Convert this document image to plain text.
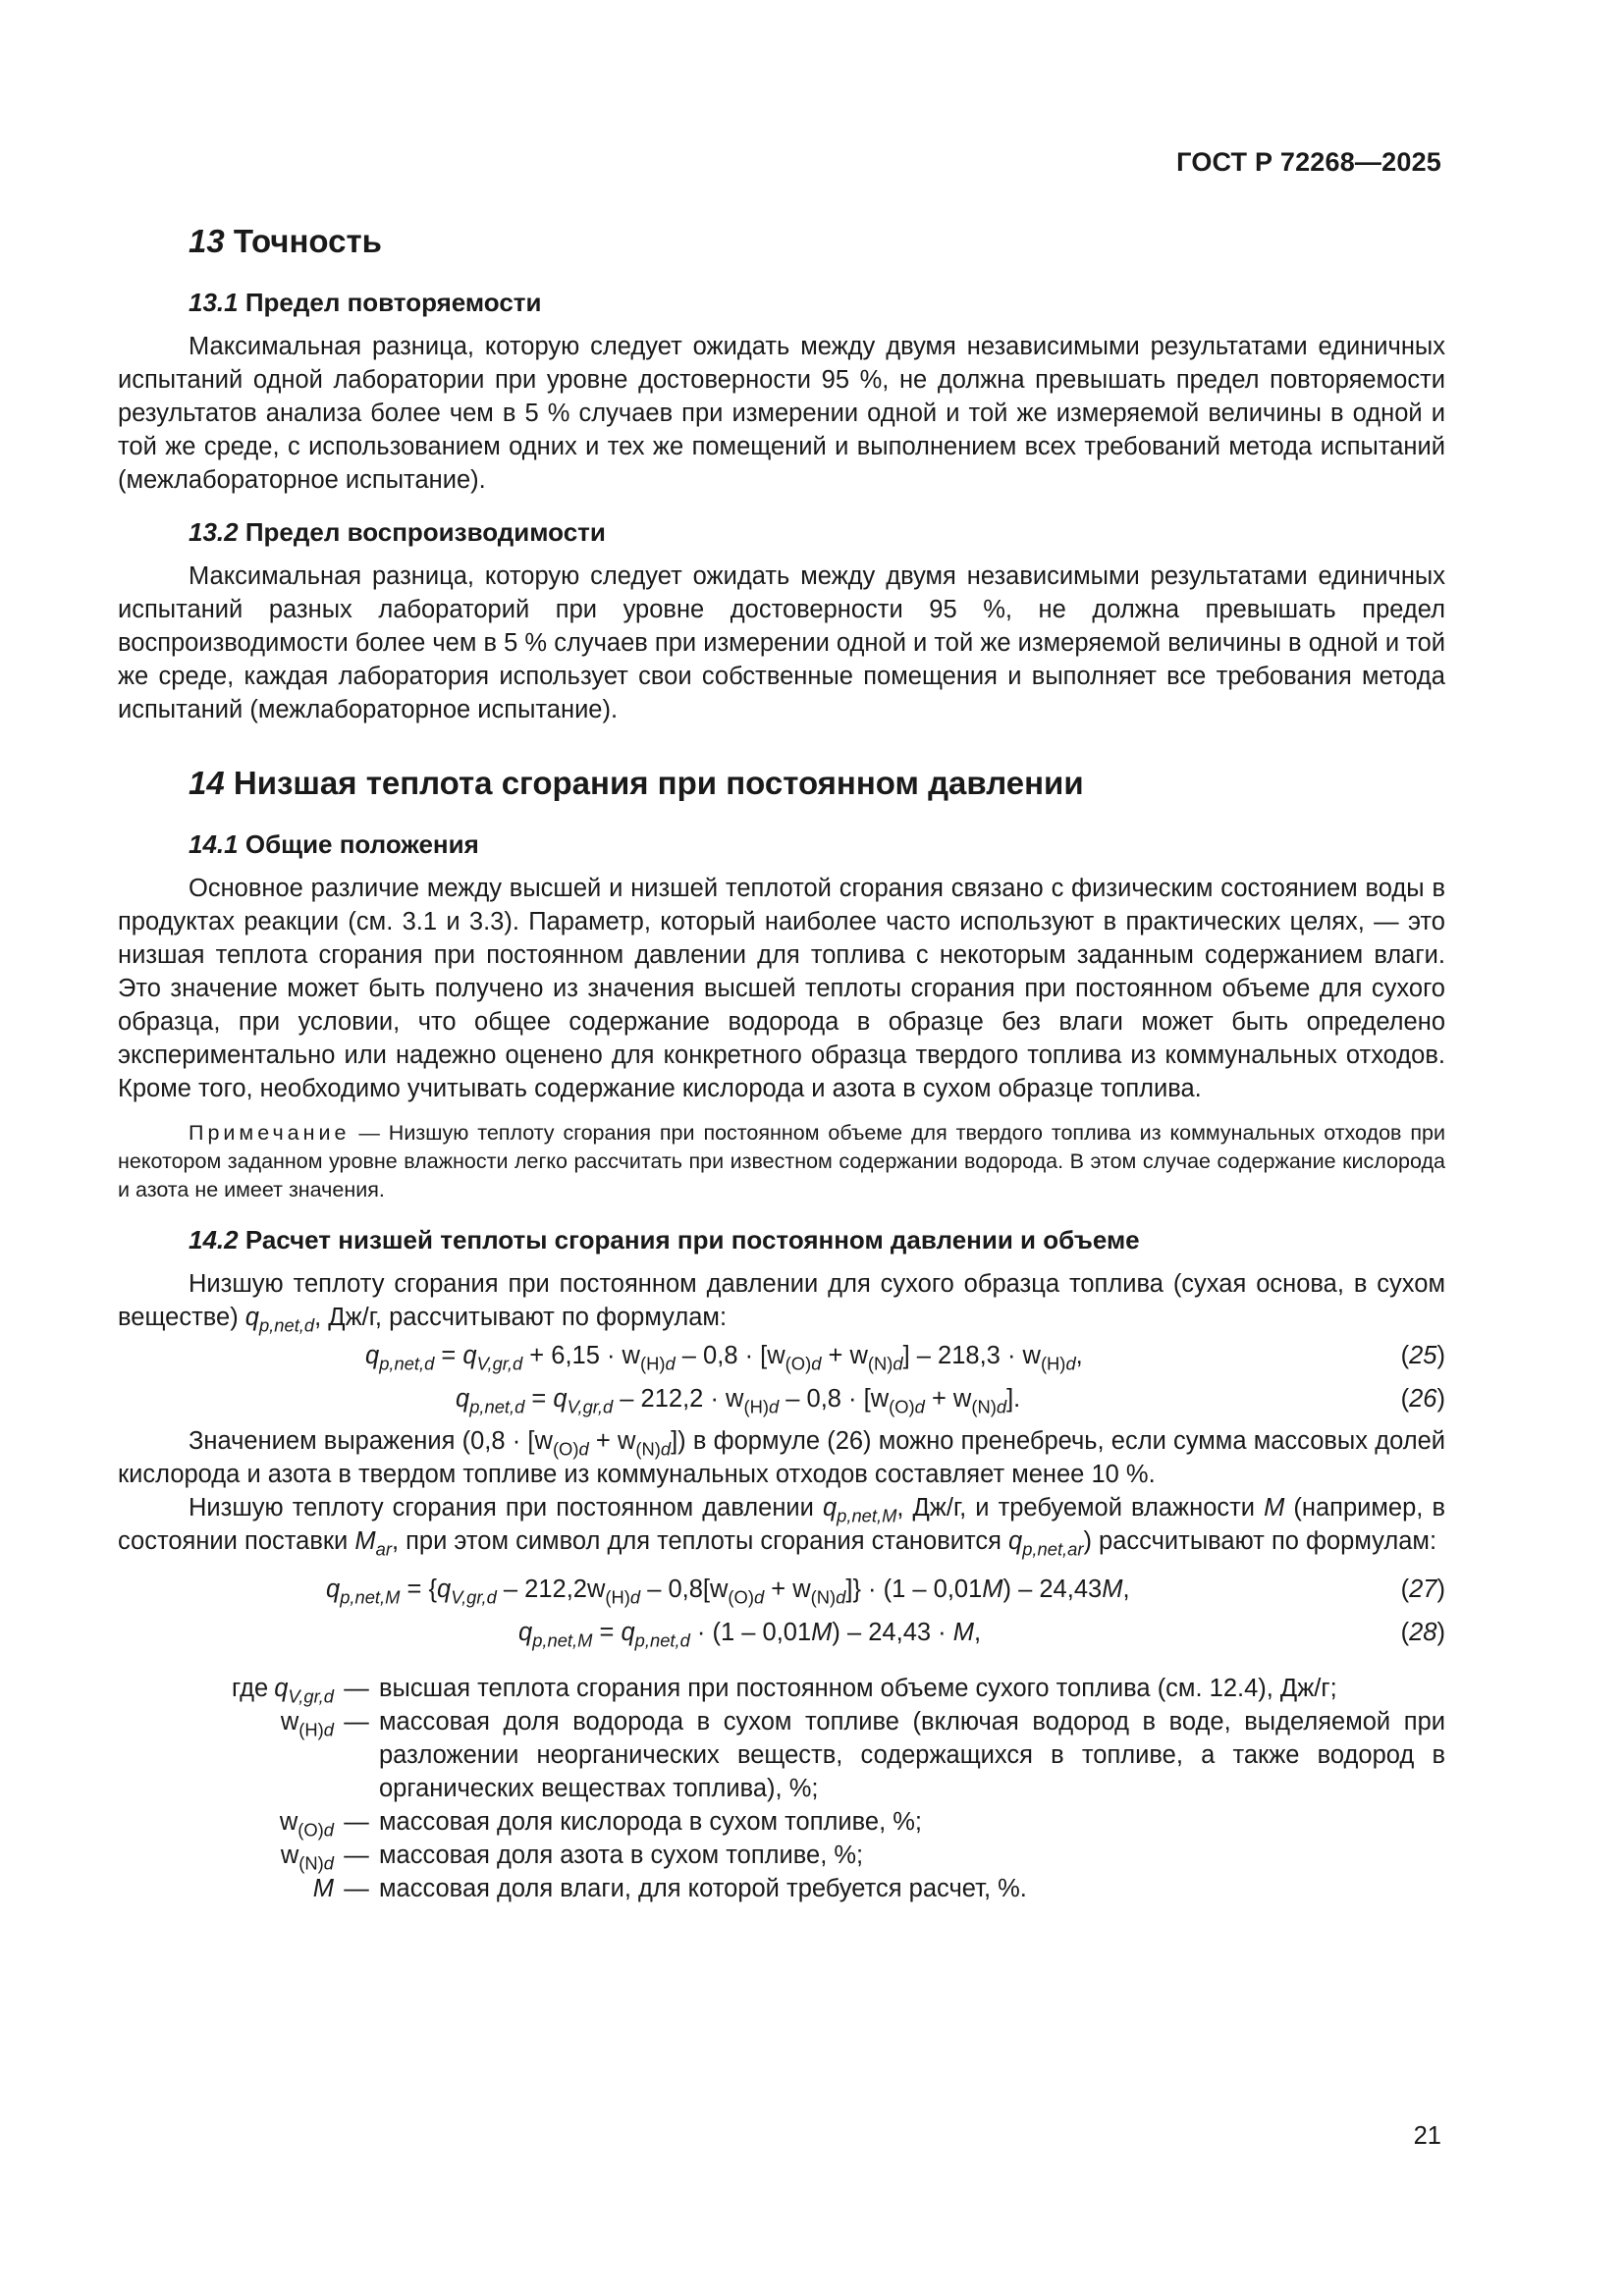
ГОСТ Р 72268—2025
13 Точность
13.1 Предел повторяемости

Максимальная разница, которую следует ожидать между двумя независимыми результатами единичных испытаний одной лаборатории при уровне достоверности 95 %, не должна превышать предел повторяемости результатов анализа более чем в 5 % случаев при измерении одной и той же измеряемой величины в одной и той же среде, с использованием одних и тех же помещений и выполнением всех требований метода испытаний (межлабораторное испытание).

13.2 Предел воспроизводимости

Максимальная разница, которую следует ожидать между двумя независимыми результатами единичных испытаний разных лабораторий при уровне достоверности 95 %, не должна превышать предел воспроизводимости более чем в 5 % случаев при измерении одной и той же измеряемой величины в одной и той же среде, каждая лаборатория использует свои собственные помещения и выполняет все требования метода испытаний (межлабораторное испытание).

14 Низшая теплота сгорания при постоянном давлении
14.1 Общие положения

Основное различие между высшей и низшей теплотой сгорания связано с физическим состоянием воды в продуктах реакции (см. 3.1 и 3.3). Параметр, который наиболее часто используют в практических целях, — это низшая теплота сгорания при постоянном давлении для топлива с некоторым заданным содержанием влаги. Это значение может быть получено из значения высшей теплоты сгорания при постоянном объеме для сухого образца, при условии, что общее содержание водорода в образце без влаги может быть определено экспериментально или надежно оценено для конкретного образца твердого топлива из коммунальных отходов. Кроме того, необходимо учитывать содержание кислорода и азота в сухом образце топлива.

Примечание — Низшую теплоту сгорания при постоянном объеме для твердого топлива из коммунальных отходов при некотором заданном уровне влажности легко рассчитать при известном содержании водорода. В этом случае содержание кислорода и азота не имеет значения.
14.2 Расчет низшей теплоты сгорания при постоянном давлении и объеме

Низшую теплоту сгорания при постоянном давлении для сухого образца топлива (сухая основа, в сухом веществе) $q_{p,net,d}$, Дж/г, рассчитывают по формулам:

$q_{p,net,d} = q_{V,gr,d} + 6,15 \cdot w_{(H)d} - 0,8 \cdot [w_{(O)d} + w_{(N)d}] - 218,3 \cdot w_{(H)d}$,	(25)
$q_{p,net,d} = q_{V,gr,d} - 212,2 \cdot w_{(H)d} - 0,8 \cdot [w_{(O)d} + w_{(N)d}]$.	(26)

Значением выражения $(0,8 \cdot [w_{(O)d} + w_{(N)d}])$ в формуле (26) можно пренебречь, если сумма массовых долей кислорода и азота в твердом топливе из коммунальных отходов составляет менее 10 %.

Низшую теплоту сгорания при постоянном давлении $q_{p,net,M}$, Дж/г, и требуемой влажности M (например, в состоянии поставки $M_{ar}$, при этом символ для теплоты сгорания становится $q_{p,net,ar}$) рассчитывают по формулам:

$q_{p,net,M} = \{q_{V,gr,d} - 212,2w_{(H)d} - 0,8[w_{(O)d} + w_{(N)d}]\} \cdot (1 - 0,01M) - 24,43M$,	(27)
$q_{p,net,M} = q_{p,net,d} \cdot (1 - 0,01M) - 24,43 \cdot M$,	(28)
где $q_{V,gr,d}$ — высшая теплота сгорания при постоянном объеме сухого топлива (см. 12.4), Дж/г;
$w_{(H)d}$ — массовая доля водорода в сухом топливе (включая водород в воде, выделяемой при разложении неорганических веществ, содержащихся в топливе, а также водород в органических веществах топлива), %;
$w_{(O)d}$ — массовая доля кислорода в сухом топливе, %;
$w_{(N)d}$ — массовая доля азота в сухом топливе, %;
M — массовая доля влаги, для которой требуется расчет, %.
21
